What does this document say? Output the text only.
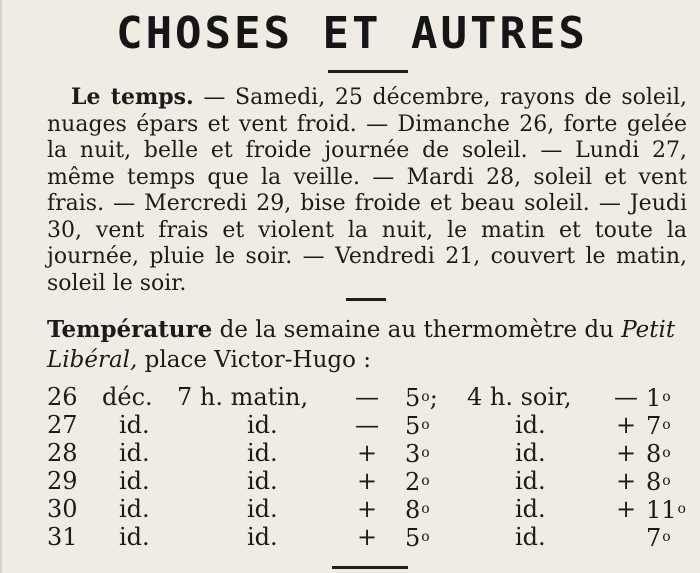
CHOSES ET AUTRES

Le temps. — Samedi, 25 décembre, rayons de soleil, nuages épars et vent froid. — Dimanche 26, forte gelée la nuit, belle et froide journée de soleil. — Lundi 27, même temps que la veille. — Mardi 28, soleil et vent frais. — Mercredi 29, bise froide et beau soleil. — Jeudi 30, vent frais et violent la nuit, le matin et toute la journée, pluie le soir. — Vendredi 21, couvert le matin, soleil le soir.

Température de la semaine au thermomètre du Petit Libéral, place Victor-Hugo :
26 déc. 7 h. matin, — 5$^o$; 4 h. soir, — 1$^o$
27 id.	id.	— 5$^o$	id.	+ $7^o$
28 id.	id.	+ $3^o$	id.	+ $8^o$
29 id.	id.	+ $2^o$	id.	+ $8^o$
30 id.	id.	+ $8^o$	id.	+ $11^o$
31 id.	id.	+ $5^o$	id.	7$^o$
